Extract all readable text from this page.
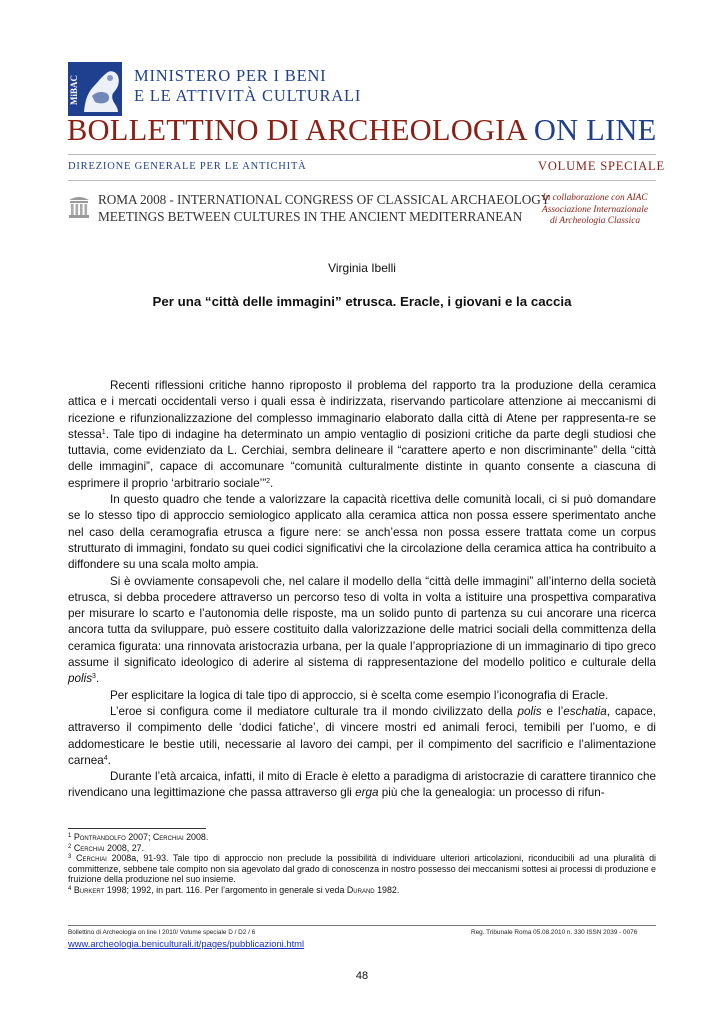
MiBAC	MINISTERO PER I BENI
E LE ATTIVITÀ CULTURALI
BOLLETTINO DI ARCHEOLOGIA ON LINE
DIREZIONE GENERALE PER LE ANTICHITÀ	VOLUME SPECIALE
ROMA 2008 - INTERNATIONAL CONGRESS OF CLASSICAL ARCHAEOLOGY
MEETINGS BETWEEN CULTURES IN THE ANCIENT MEDITERRANEAN
In collaborazione con AIAC
Associazione Internazionale
di Archeologia Classica
Virginia Ibelli
Per una “città delle immagini” etrusca. Eracle, i giovani e la caccia

Recenti riflessioni critiche hanno riproposto il problema del rapporto tra la produzione della ceramica attica e i mercati occidentali verso i quali essa è indirizzata, riservando particolare attenzione ai meccanismi di ricezione e rifunzionalizzazione del complesso immaginario elaborato dalla città di Atene per rappresenta-re se stessa$^1$. Tale tipo di indagine ha determinato un ampio ventaglio di posizioni critiche da parte degli studiosi che tuttavia, come evidenziato da L. Cerchiai, sembra delineare il “carattere aperto e non discriminante” della “città delle immagini”, capace di accomunare “comunità culturalmente distinte in quanto consente a ciascuna di esprimere il proprio ‘arbitrario sociale’”$^2$.

In questo quadro che tende a valorizzare la capacità ricettiva delle comunità locali, ci si può domandare se lo stesso tipo di approccio semiologico applicato alla ceramica attica non possa essere sperimentato anche nel caso della ceramografia etrusca a figure nere: se anch’essa non possa essere trattata come un corpus strutturato di immagini, fondato su quei codici significativi che la circolazione della ceramica attica ha contribuito a diffondere su una scala molto ampia.

Si è ovviamente consapevoli che, nel calare il modello della “città delle immagini” all’interno della società etrusca, si debba procedere attraverso un percorso teso di volta in volta a istituire una prospettiva comparativa per misurare lo scarto e l’autonomia delle risposte, ma un solido punto di partenza su cui ancorare una ricerca ancora tutta da sviluppare, può essere costituito dalla valorizzazione delle matrici sociali della committenza della ceramica figurata: una rinnovata aristocrazia urbana, per la quale l’appropriazione di un immaginario di tipo greco assume il significato ideologico di aderire al sistema di rappresentazione del modello politico e culturale della polis$^3$.

Per esplicitare la logica di tale tipo di approccio, si è scelta come esempio l’iconografia di Eracle.

L’eroe si configura come il mediatore culturale tra il mondo civilizzato della polis e l’eschatia, capace, attraverso il compimento delle ‘dodici fatiche’, di vincere mostri ed animali feroci, temibili per l’uomo, e di addomesticare le bestie utili, necessarie al lavoro dei campi, per il compimento del sacrificio e l’alimentazione carnea$^4$.

Durante l’età arcaica, infatti, il mito di Eracle è eletto a paradigma di aristocrazie di carattere tirannico che rivendicano una legittimazione che passa attraverso gli erga più che la genealogia: un processo di rifun-

$^1$ Pontrandolfo 2007; Cerchiai 2008.

$^2$ Cerchiai 2008, 27.

$^3$ Cerchiai 2008a, 91-93. Tale tipo di approccio non preclude la possibilità di individuare ulteriori articolazioni, riconducibili ad una pluralità di committenze, sebbene tale compito non sia agevolato dal grado di conoscenza in nostro possesso dei meccanismi sottesi ai processi di produzione e fruizione della produzione nel suo insieme.

$^4$ Burkert 1998; 1992, in part. 116. Per l’argomento in generale si veda Durand 1982.

Bollettino di Archeologia on line I 2010/ Volume speciale D / D2 / 6	Reg. Tribunale Roma 05.08.2010 n. 330 ISSN 2039 - 0076
www.archeologia.beniculturali.it/pages/pubblicazioni.html
48
